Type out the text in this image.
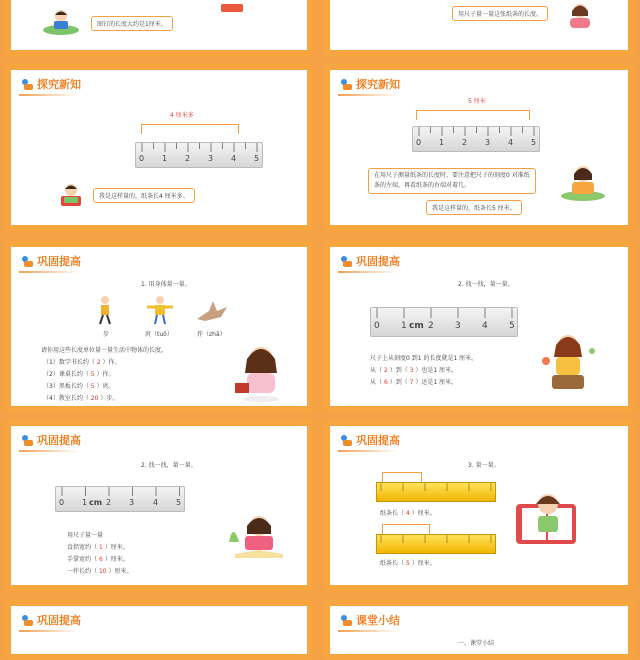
图钉的长度大约是1厘米。
用尺子量一量这张纸条的长度。
探究新知
4 厘米多
0 1 2 3 4 5
我是这样量的，纸条长4 厘米多。
探究新知
5 厘米
0 1 2 3 4 5
在用尺子测量纸条的长度时，要注意把尺子的刻度0 对准纸
条的左端，再看纸条的右端对着几。
我是这样量的，纸条长5 厘米。
巩固提高
1. 用身体量一量。
步	庹（tuǒ）	拃（zhǎ）
请你用这些长度单位量一量生活中物体的长度。
（1）数学书长约（ 2 ）拃。
（2）课桌长约（ 5 ）拃。
（3）黑板长约（ 5 ）庹。
（4）教室长约（ 20 ）步。
巩固提高
2. 找一找，量一量。
0 1 cm 2 3 4 5
尺子上从刻度0 到1 的长度就是1 厘米。
从（ 2 ）到（ 3 ）也是1 厘米。
从（ 6 ）到（ 7 ）还是1 厘米。
巩固提高
2. 找一找，量一量。
0 1 cm 2 3 4 5
用尺子量一量
食指宽约（ 1 ）厘米。
手掌宽约（ 6 ）厘米。
一拃长约（ 10 ）厘米。
巩固提高
3. 量一量。
纸条长（ 4 ）厘米。
纸条长（ 5 ）厘米。
巩固提高	课堂小结
一、课堂小结
